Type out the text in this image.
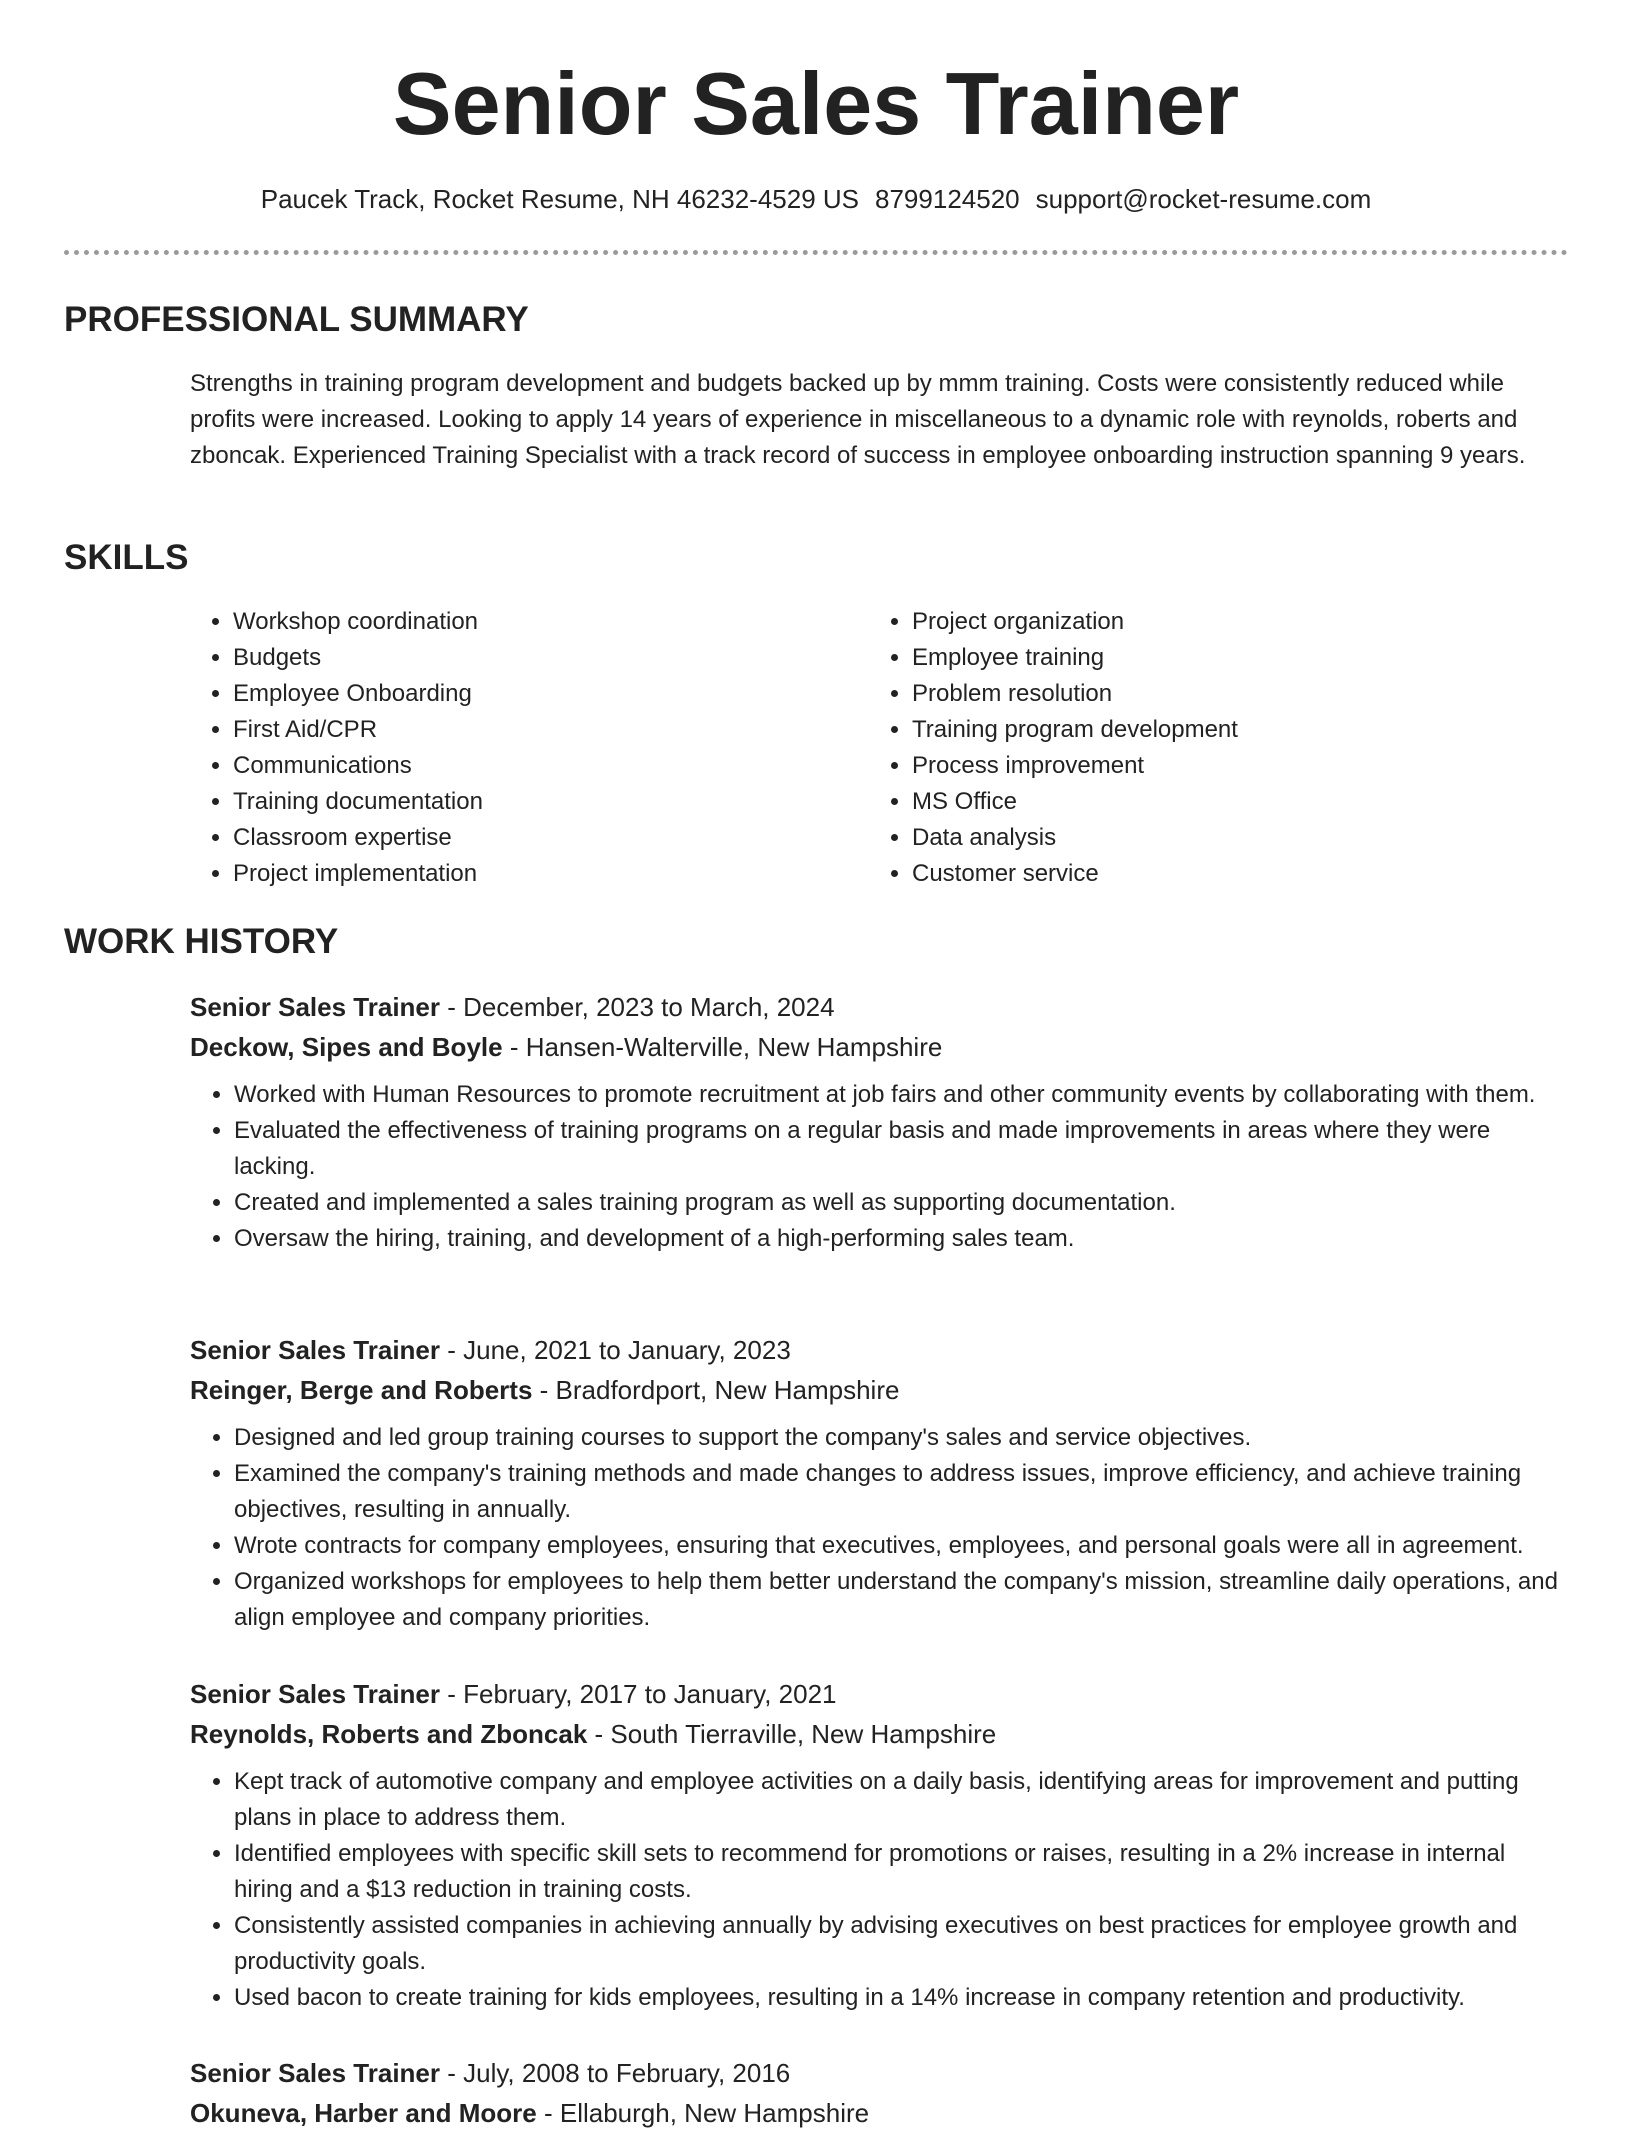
Senior Sales Trainer
Paucek Track, Rocket Resume, NH 46232-4529 US 8799124520 support@rocket-resume.com
PROFESSIONAL SUMMARY

Strengths in training program development and budgets backed up by mmm training. Costs were consistently reduced while profits were increased. Looking to apply 14 years of experience in miscellaneous to a dynamic role with reynolds, roberts and zboncak. Experienced Training Specialist with a track record of success in employee onboarding instruction spanning 9 years.

SKILLS
• Workshop coordination
• Budgets
• Employee Onboarding
• First Aid/CPR
• Communications
• Training documentation
• Classroom expertise
• Project implementation
• Project organization
• Employee training
• Problem resolution
• Training program development
• Process improvement
• MS Office
• Data analysis
• Customer service
WORK HISTORY
Senior Sales Trainer - December, 2023 to March, 2024
Deckow, Sipes and Boyle - Hansen-Walterville, New Hampshire
• Worked with Human Resources to promote recruitment at job fairs and other community events by collaborating with them.
• Evaluated the effectiveness of training programs on a regular basis and made improvements in areas where they were lacking.
• Created and implemented a sales training program as well as supporting documentation.
• Oversaw the hiring, training, and development of a high-performing sales team.
Senior Sales Trainer - June, 2021 to January, 2023
Reinger, Berge and Roberts - Bradfordport, New Hampshire
• Designed and led group training courses to support the company's sales and service objectives.
• Examined the company's training methods and made changes to address issues, improve efficiency, and achieve training objectives, resulting in annually.
• Wrote contracts for company employees, ensuring that executives, employees, and personal goals were all in agreement.
• Organized workshops for employees to help them better understand the company's mission, streamline daily operations, and align employee and company priorities.
Senior Sales Trainer - February, 2017 to January, 2021
Reynolds, Roberts and Zboncak - South Tierraville, New Hampshire
• Kept track of automotive company and employee activities on a daily basis, identifying areas for improvement and putting plans in place to address them.
• Identified employees with specific skill sets to recommend for promotions or raises, resulting in a 2% increase in internal hiring and a $13 reduction in training costs.
• Consistently assisted companies in achieving annually by advising executives on best practices for employee growth and productivity goals.
• Used bacon to create training for kids employees, resulting in a 14% increase in company retention and productivity.
Senior Sales Trainer - July, 2008 to February, 2016
Okuneva, Harber and Moore - Ellaburgh, New Hampshire
